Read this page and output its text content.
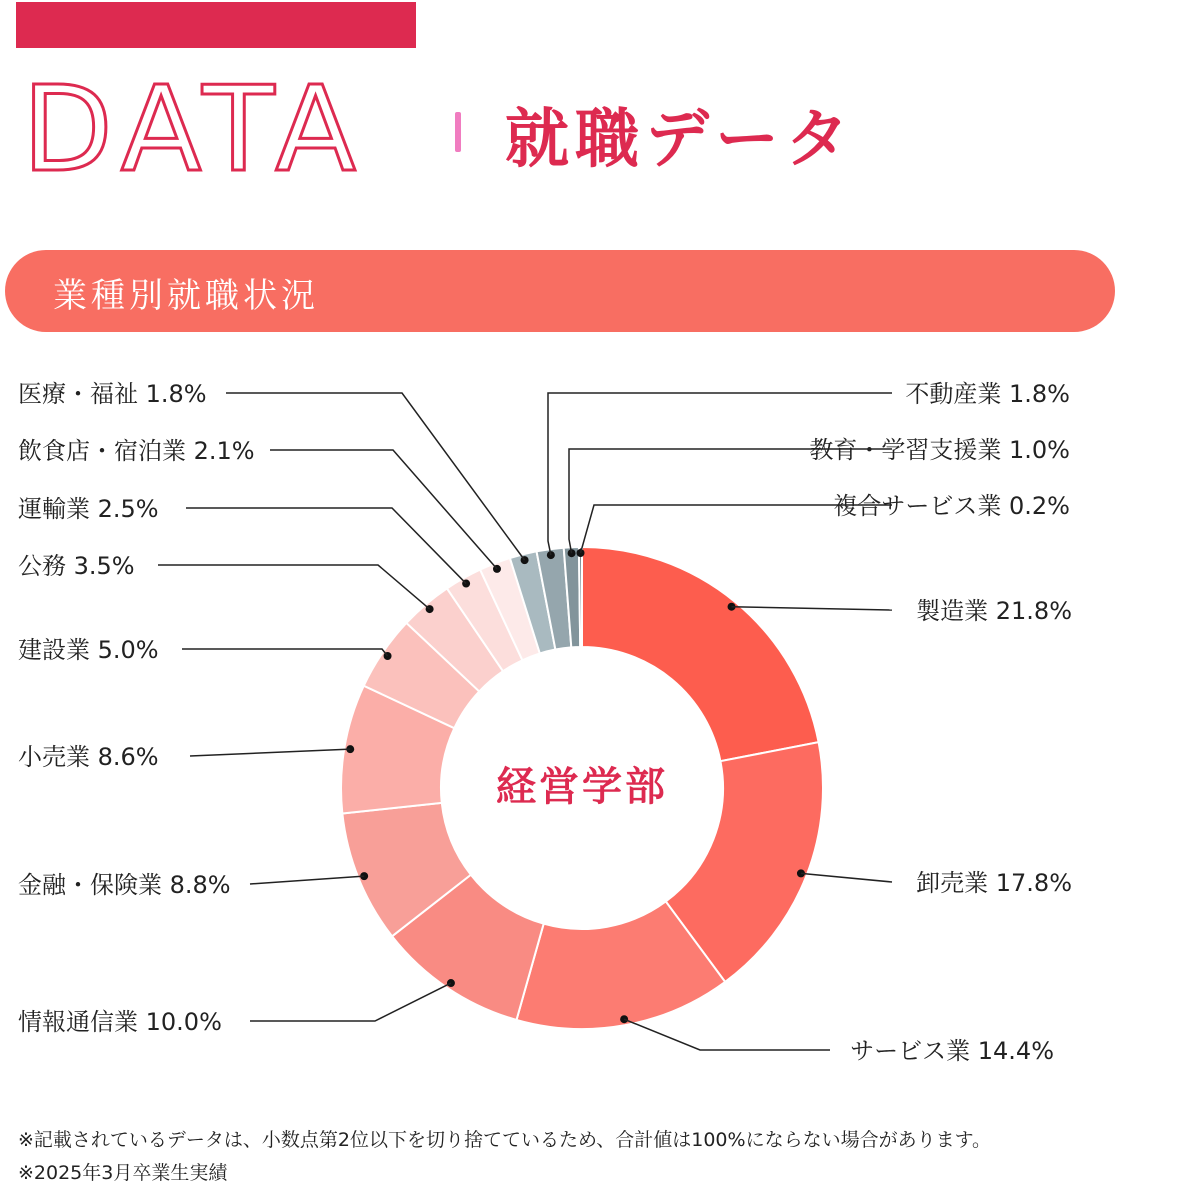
DATA 就職データ
業種別就職状況
製造業 21.8%
卸売業 17.8%
サービス業 14.4%
情報通信業 10.0%
金融・保険業 8.8%
小売業 8.6%
建設業 5.0%
公務 3.5%
運輸業 2.5%
飲食店・宿泊業 2.1%
医療・福祉 1.8%	不動産業 1.8%
教育・学習支援業 1.0%
複合サービス業 0.2%
経営学部
※記載されているデータは、小数点第2位以下を切り捨てているため、合計値は100%にならない場合があります。
※2025年3月卒業生実績
